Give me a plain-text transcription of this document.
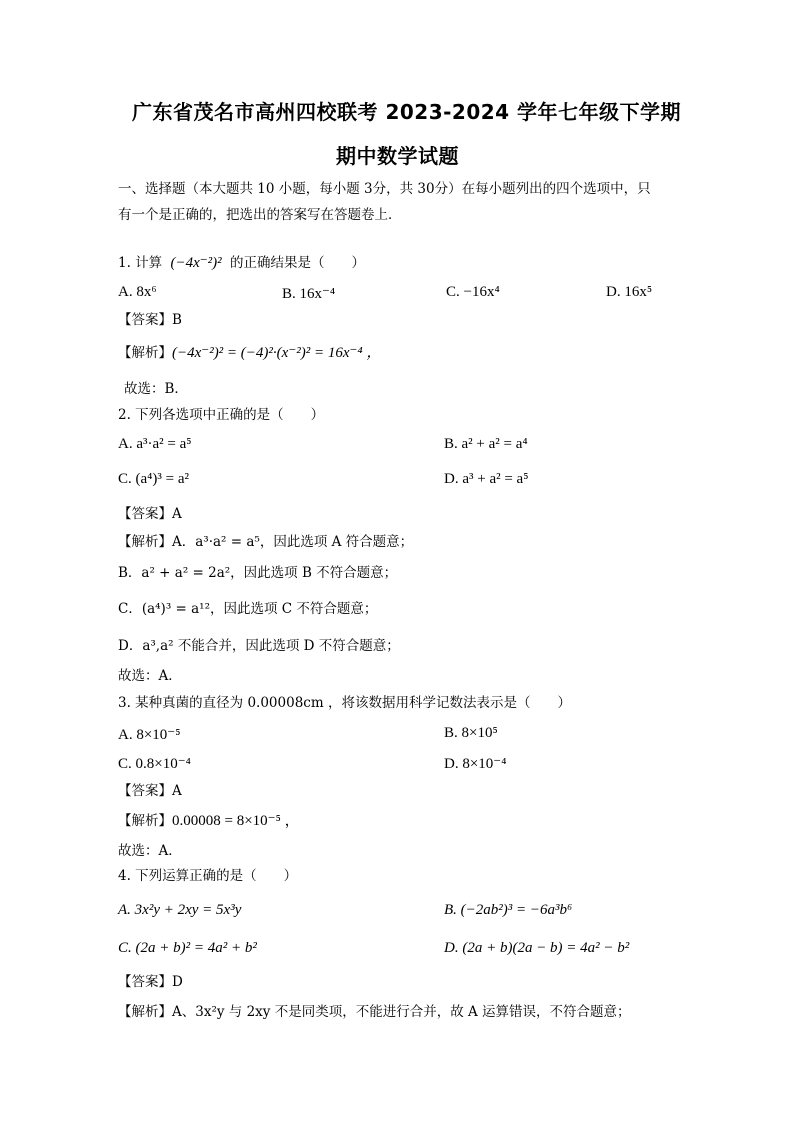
广东省茂名市高州四校联考 2023-2024 学年七年级下学期
期中数学试题
一、选择题（本大题共 10 小题，每小题 3分，共 30分）在每小题列出的四个选项中，只
有一个是正确的，把选出的答案写在答题卷上．
1. 计算 (−4x⁻²)² 的正确结果是（　　）
A. 8x⁶	B. 16x⁻⁴	C. −16x⁴	D. 16x⁵
【答案】B
【解析】(−4x⁻²)² = (−4)²·(x⁻²)² = 16x⁻⁴ ，
故选：B．
2. 下列各选项中正确的是（　　）
A. a³·a² = a⁵	B. a² + a² = a⁴
C. (a⁴)³ = a²	D. a³ + a² = a⁵
【答案】A
【解析】A．a³·a² = a⁵，因此选项 A 符合题意；
B．a² + a² = 2a²，因此选项 B 不符合题意；
C．(a⁴)³ = a¹²，因此选项 C 不符合题意；
D．a³,a² 不能合并，因此选项 D 不符合题意；
故选：A．
3. 某种真菌的直径为 0.00008cm ，将该数据用科学记数法表示是（　　）
A. 8×10⁻⁵	B. 8×10⁵
C. 0.8×10⁻⁴	D. 8×10⁻⁴
【答案】A
【解析】0.00008 = 8×10⁻⁵ ，
故选：A．
4. 下列运算正确的是（　　）
A. 3x²y + 2xy = 5x³y	B. (−2ab²)³ = −6a³b⁶
C. (2a + b)² = 4a² + b²	D. (2a + b)(2a − b) = 4a² − b²
【答案】D
【解析】A、3x²y 与 2xy 不是同类项，不能进行合并，故 A 运算错误，不符合题意；
